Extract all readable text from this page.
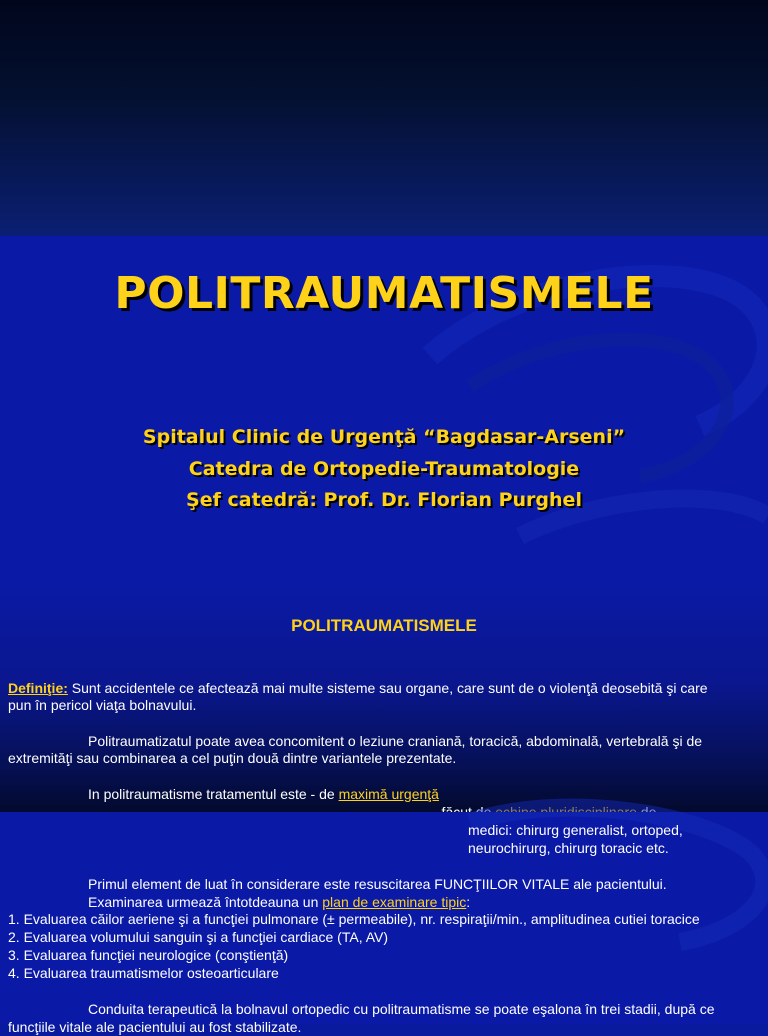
POLITRAUMATISMELE
Spitalul Clinic de Urgenţă “Bagdasar-Arseni”
Catedra de Ortopedie-Traumatologie
Şef catedră: Prof. Dr. Florian Purghel
POLITRAUMATISMELE
Definiţie: Sunt accidentele ce afectează mai multe sisteme sau organe, care sunt de o violenţă deosebită şi care
pun în pericol viaţa bolnavului.
Politraumatizatul poate avea concomitent o leziune craniană, toracică, abdominală, vertebrală şi de
extremităţi sau combinarea a cel puţin două dintre variantele prezentate.
In politraumatisme tratamentul este - de maximă urgenţă
medici: chirurg generalist, ortoped,
neurochirurg, chirurg toracic etc.
Primul element de luat în considerare este resuscitarea FUNCŢIILOR VITALE ale pacientului.
Examinarea urmează întotdeauna un plan de examinare tipic:
1. Evaluarea căilor aeriene şi a funcţiei pulmonare (± permeabile), nr. respiraţii/min., amplitudinea cutiei toracice
2. Evaluarea volumului sanguin şi a funcţiei cardiace (TA, AV)
3. Evaluarea funcţiei neurologice (conştienţă)
4. Evaluarea traumatismelor osteoarticulare
Conduita terapeutică la bolnavul ortopedic cu politraumatisme se poate eşalona în trei stadii, după ce
funcţiile vitale ale pacientului au fost stabilizate.
